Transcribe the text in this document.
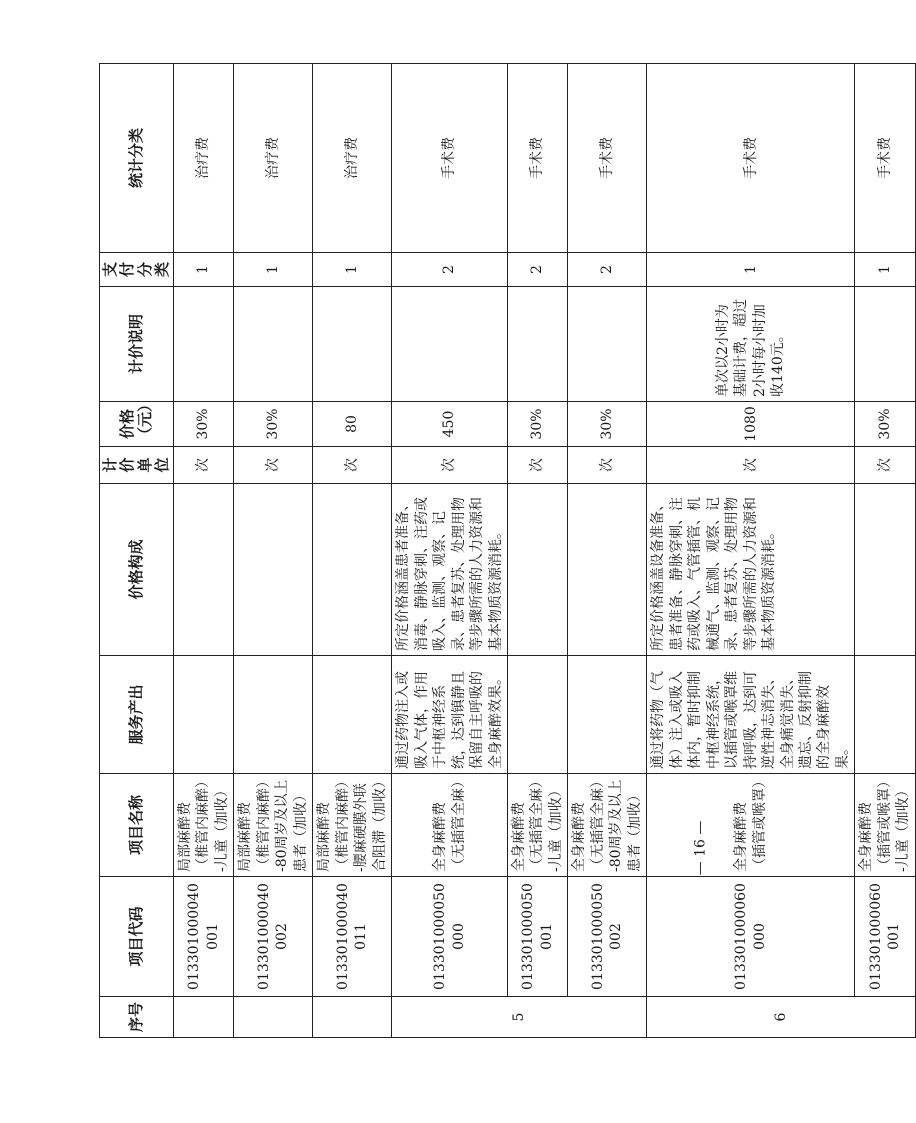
序号	项目代码	项目名称	服务产出	价格构成	计价单位	价格（元）	计价说明	支付分类	统计分类
	013301000040001	局部麻醉费（椎管内麻醉）-儿童（加收）			次	30%		1	治疗费
	013301000040002	局部麻醉费（椎管内麻醉）-80周岁及以上患者（加收）			次	30%		1	治疗费
	013301000040011	局部麻醉费（椎管内麻醉）-腰麻硬膜外联合阻滞（加收）			次	80		1	治疗费
5	013301000050000	全身麻醉费（无插管全麻）	通过药物注入或吸入气体，作用于中枢神经系统，达到镇静且保留自主呼吸的全身麻醉效果。	所定价格涵盖患者准备、消毒、静脉穿刺、注药或吸入、监测、观察、记录、患者复苏、处理用物等步骤所需的人力资源和基本物质资源消耗。	次	450		2	手术费
	013301000050001	全身麻醉费（无插管全麻）-儿童（加收）			次	30%		2	手术费
	013301000050002	全身麻醉费（无插管全麻）-80周岁及以上患者（加收）			次	30%		2	手术费
6	013301000060000	全身麻醉费（插管或喉罩）	通过将药物（气体）注入或吸入体内，暂时抑制中枢神经系统，以插管或喉罩维持呼吸，达到可逆性神志消失、全身痛觉消失、遗忘、反射抑制的全身麻醉效果。	所定价格涵盖设备准备、患者准备、静脉穿刺、注药或吸入、气管插管、机械通气、监测、观察、记录、患者复苏、处理用物等步骤所需的人力资源和基本物质资源消耗。	次	1080	单次以2小时为基础计费，超过2小时每小时加收140元。	1	手术费
	013301000060001	全身麻醉费（插管或喉罩）-儿童（加收）			次	30%		1	手术费
— 16 —
